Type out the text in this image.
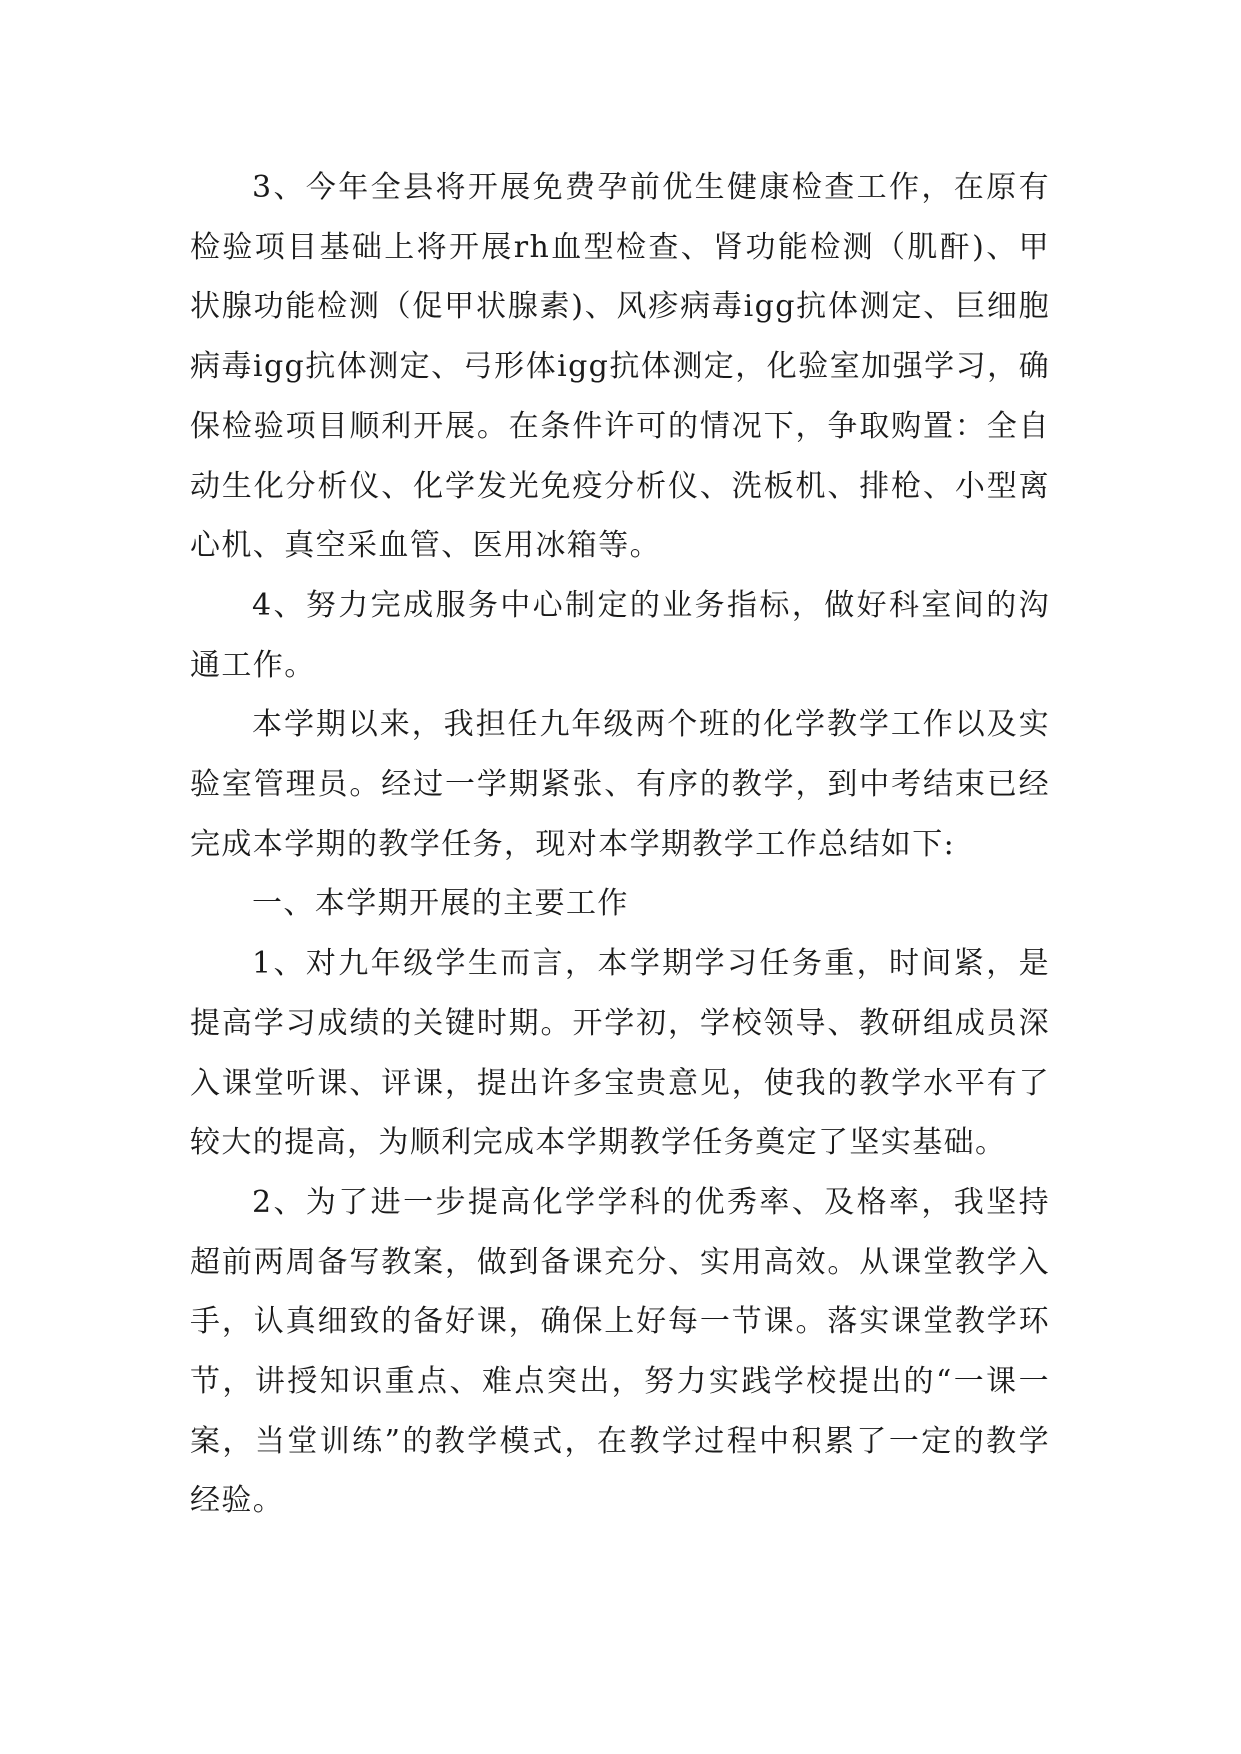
3、今年全县将开展免费孕前优生健康检查工作，在原有检验项目基础上将开展rh血型检查、肾功能检测（肌酐)、甲状腺功能检测（促甲状腺素)、风疹病毒igg抗体测定、巨细胞病毒igg抗体测定、弓形体igg抗体测定，化验室加强学习，确保检验项目顺利开展。在条件许可的情况下，争取购置：全自动生化分析仪、化学发光免疫分析仪、洗板机、排枪、小型离心机、真空采血管、医用冰箱等。

4、努力完成服务中心制定的业务指标，做好科室间的沟通工作。

本学期以来，我担任九年级两个班的化学教学工作以及实验室管理员。经过一学期紧张、有序的教学，到中考结束已经完成本学期的教学任务，现对本学期教学工作总结如下:

一、本学期开展的主要工作

1、对九年级学生而言，本学期学习任务重，时间紧，是提高学习成绩的关键时期。开学初，学校领导、教研组成员深入课堂听课、评课，提出许多宝贵意见，使我的教学水平有了较大的提高，为顺利完成本学期教学任务奠定了坚实基础。

2、为了进一步提高化学学科的优秀率、及格率，我坚持超前两周备写教案，做到备课充分、实用高效。从课堂教学入手，认真细致的备好课，确保上好每一节课。落实课堂教学环节，讲授知识重点、难点突出，努力实践学校提出的“一课一案，当堂训练”的教学模式，在教学过程中积累了一定的教学经验。
